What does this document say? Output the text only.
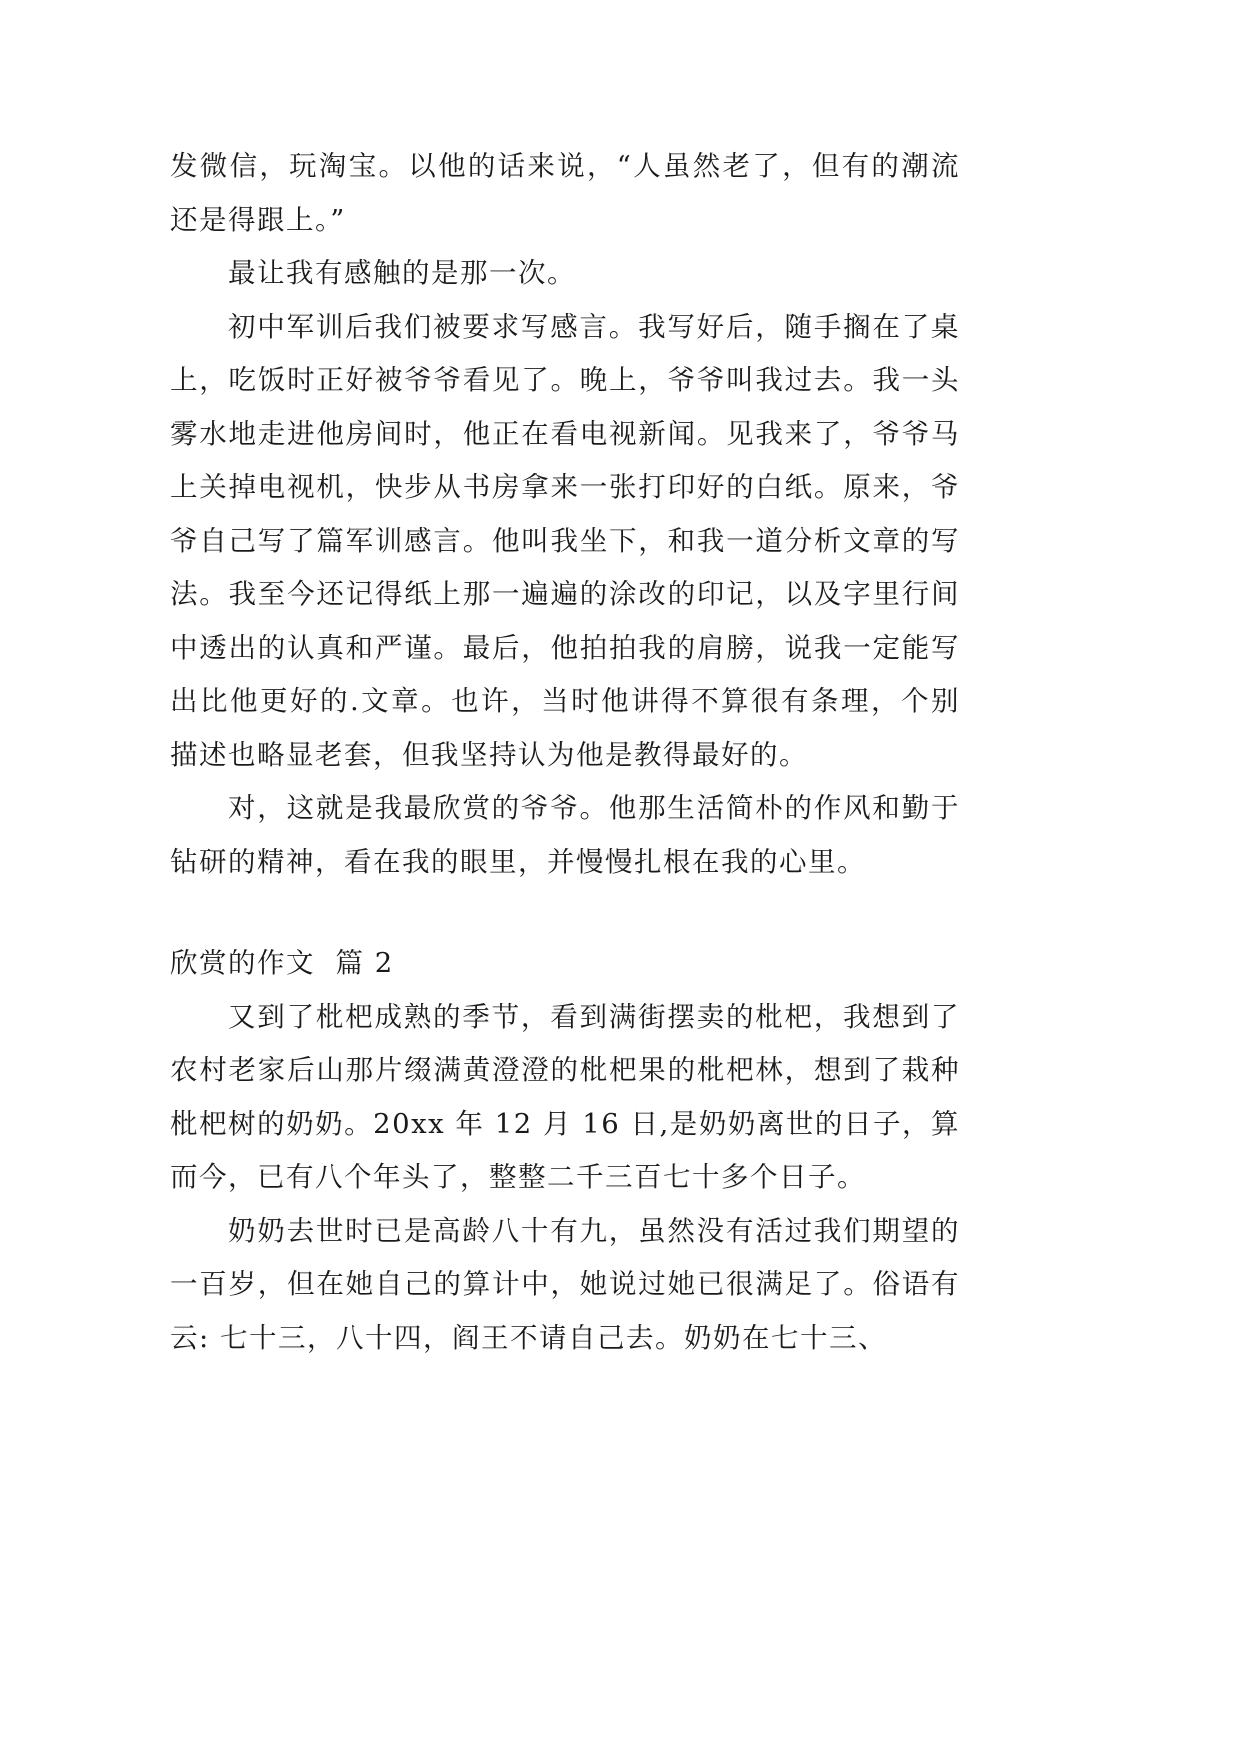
发微信，玩淘宝。以他的话来说，“人虽然老了，但有的潮流还是得跟上。”

最让我有感触的是那一次。

初中军训后我们被要求写感言。我写好后，随手搁在了桌上，吃饭时正好被爷爷看见了。晚上，爷爷叫我过去。我一头雾水地走进他房间时，他正在看电视新闻。见我来了，爷爷马上关掉电视机，快步从书房拿来一张打印好的白纸。原来，爷爷自己写了篇军训感言。他叫我坐下，和我一道分析文章的写法。我至今还记得纸上那一遍遍的涂改的印记，以及字里行间中透出的认真和严谨。最后，他拍拍我的肩膀，说我一定能写出比他更好的.文章。也许，当时他讲得不算很有条理，个别描述也略显老套，但我坚持认为他是教得最好的。

对，这就是我最欣赏的爷爷。他那生活简朴的作风和勤于钻研的精神，看在我的眼里，并慢慢扎根在我的心里。

欣赏的作文  篇 2

又到了枇杷成熟的季节，看到满街摆卖的枇杷，我想到了农村老家后山那片缀满黄澄澄的枇杷果的枇杷林，想到了栽种枇杷树的奶奶。20xx 年 12 月 16 日,是奶奶离世的日子，算而今，已有八个年头了，整整二千三百七十多个日子。

奶奶去世时已是高龄八十有九，虽然没有活过我们期望的一百岁，但在她自己的算计中，她说过她已很满足了。俗语有云: 七十三，八十四，阎王不请自己去。奶奶在七十三、
